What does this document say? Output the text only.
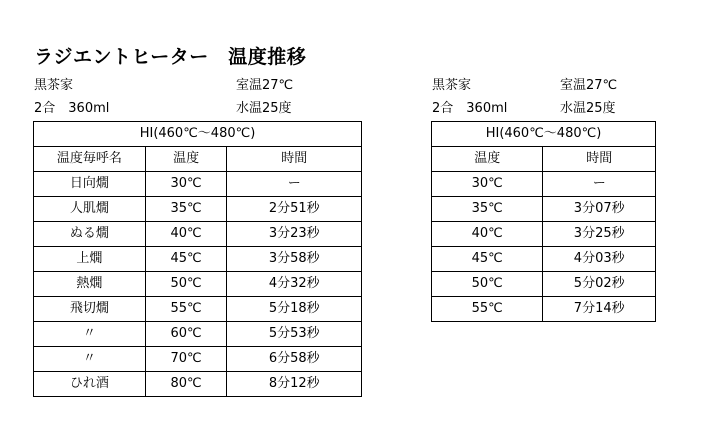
ラジエントヒーター　温度推移
黒茶家	室温27℃
2合　360ml	水温25度
黒茶家	室温27℃
2合　360ml	水温25度
HI(460℃～480℃)		
温度毎呼名	温度	時間
日向燗	30℃	ー
人肌燗	35℃	2分51秒
ぬる燗	40℃	3分23秒
上燗	45℃	3分58秒
熱燗	50℃	4分32秒
飛切燗	55℃	5分18秒
〃	60℃	5分53秒
〃	70℃	6分58秒
ひれ酒	80℃	8分12秒
HI(460℃～480℃)	
温度	時間
30℃	ー
35℃	3分07秒
40℃	3分25秒
45℃	4分03秒
50℃	5分02秒
55℃	7分14秒
